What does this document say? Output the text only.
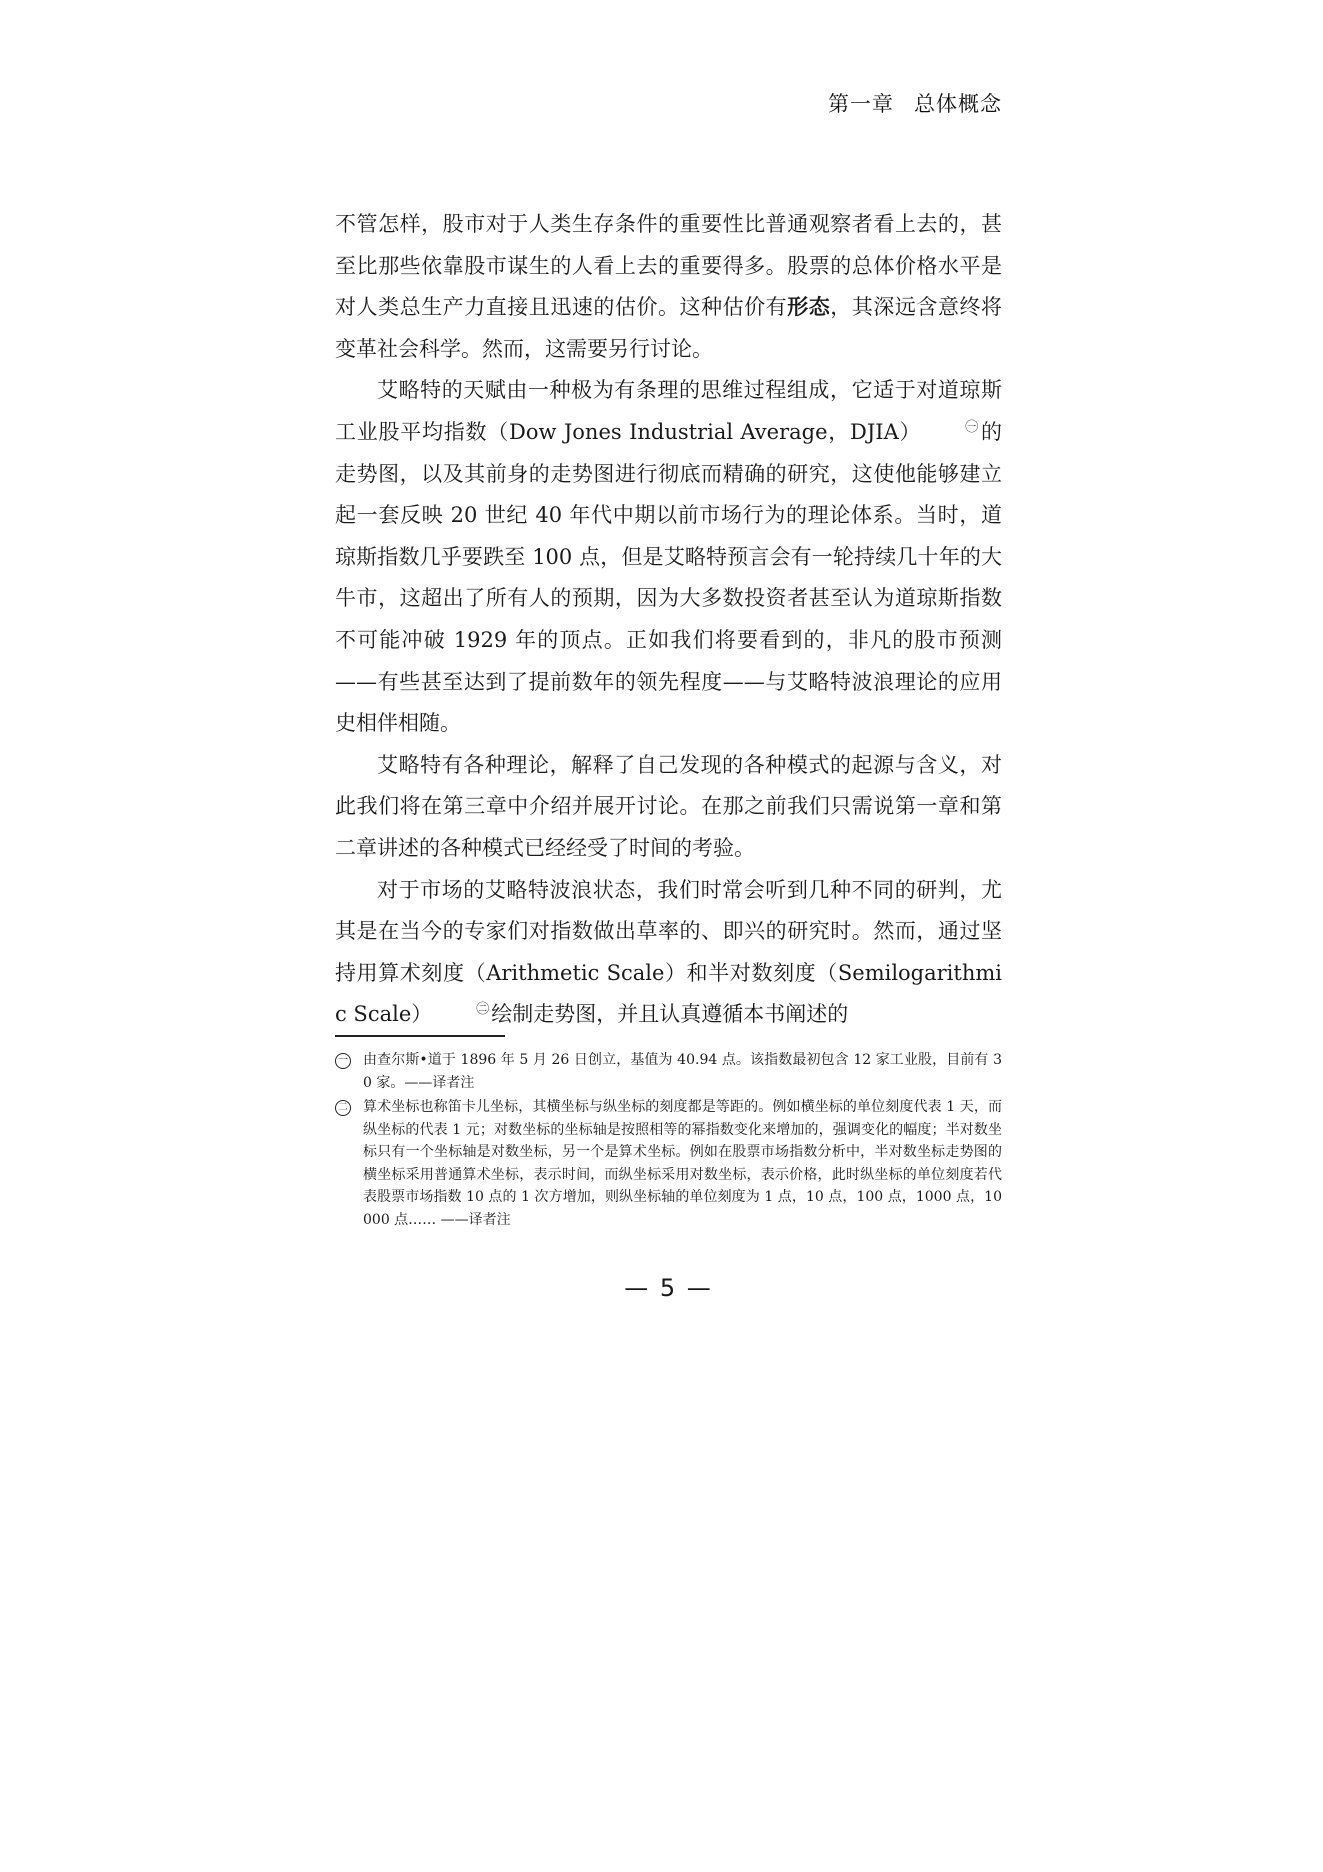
第一章 总体概念

不管怎样，股市对于人类生存条件的重要性比普通观察者看上去的，甚至比那些依靠股市谋生的人看上去的重要得多。股票的总体价格水平是对人类总生产力直接且迅速的估价。这种估价有形态，其深远含意终将变革社会科学。然而，这需要另行讨论。

艾略特的天赋由一种极为有条理的思维过程组成，它适于对道琼斯工业股平均指数（Dow Jones Industrial Average，DJIA）	㊀的走势图，以及其前身的走势图进行彻底而精确的研究，这使他能够建立起一套反映 20 世纪 40 年代中期以前市场行为的理论体系。当时，道琼斯指数几乎要跌至 100 点，但是艾略特预言会有一轮持续几十年的大牛市，这超出了所有人的预期，因为大多数投资者甚至认为道琼斯指数不可能冲破 1929 年的顶点。正如我们将要看到的，非凡的股市预测——有些甚至达到了提前数年的领先程度——与艾略特波浪理论的应用史相伴相随。

艾略特有各种理论，解释了自己发现的各种模式的起源与含义，对此我们将在第三章中介绍并展开讨论。在那之前我们只需说第一章和第二章讲述的各种模式已经经受了时间的考验。

对于市场的艾略特波浪状态，我们时常会听到几种不同的研判，尤其是在当今的专家们对指数做出草率的、即兴的研究时。然而，通过坚持用算术刻度（Arithmetic Scale）和半对数刻度（Semilogarithmic Scale）	㊁绘制走势图，并且认真遵循本书阐述的

一 由查尔斯•道于 1896 年 5 月 26 日创立，基值为 40.94 点。该指数最初包含 12 家工业股，目前有 30 家。——译者注
二 算术坐标也称笛卡儿坐标，其横坐标与纵坐标的刻度都是等距的。例如横坐标的单位刻度代表 1 天，而纵坐标的代表 1 元；对数坐标的坐标轴是按照相等的幂指数变化来增加的，强调变化的幅度；半对数坐标只有一个坐标轴是对数坐标，另一个是算术坐标。例如在股票市场指数分析中，半对数坐标走势图的横坐标采用普通算术坐标，表示时间，而纵坐标采用对数坐标，表示价格，此时纵坐标的单位刻度若代表股票市场指数 10 点的 1 次方增加，则纵坐标轴的单位刻度为 1 点，10 点，100 点，1000 点，10000 点…… ——译者注
— 5 —
